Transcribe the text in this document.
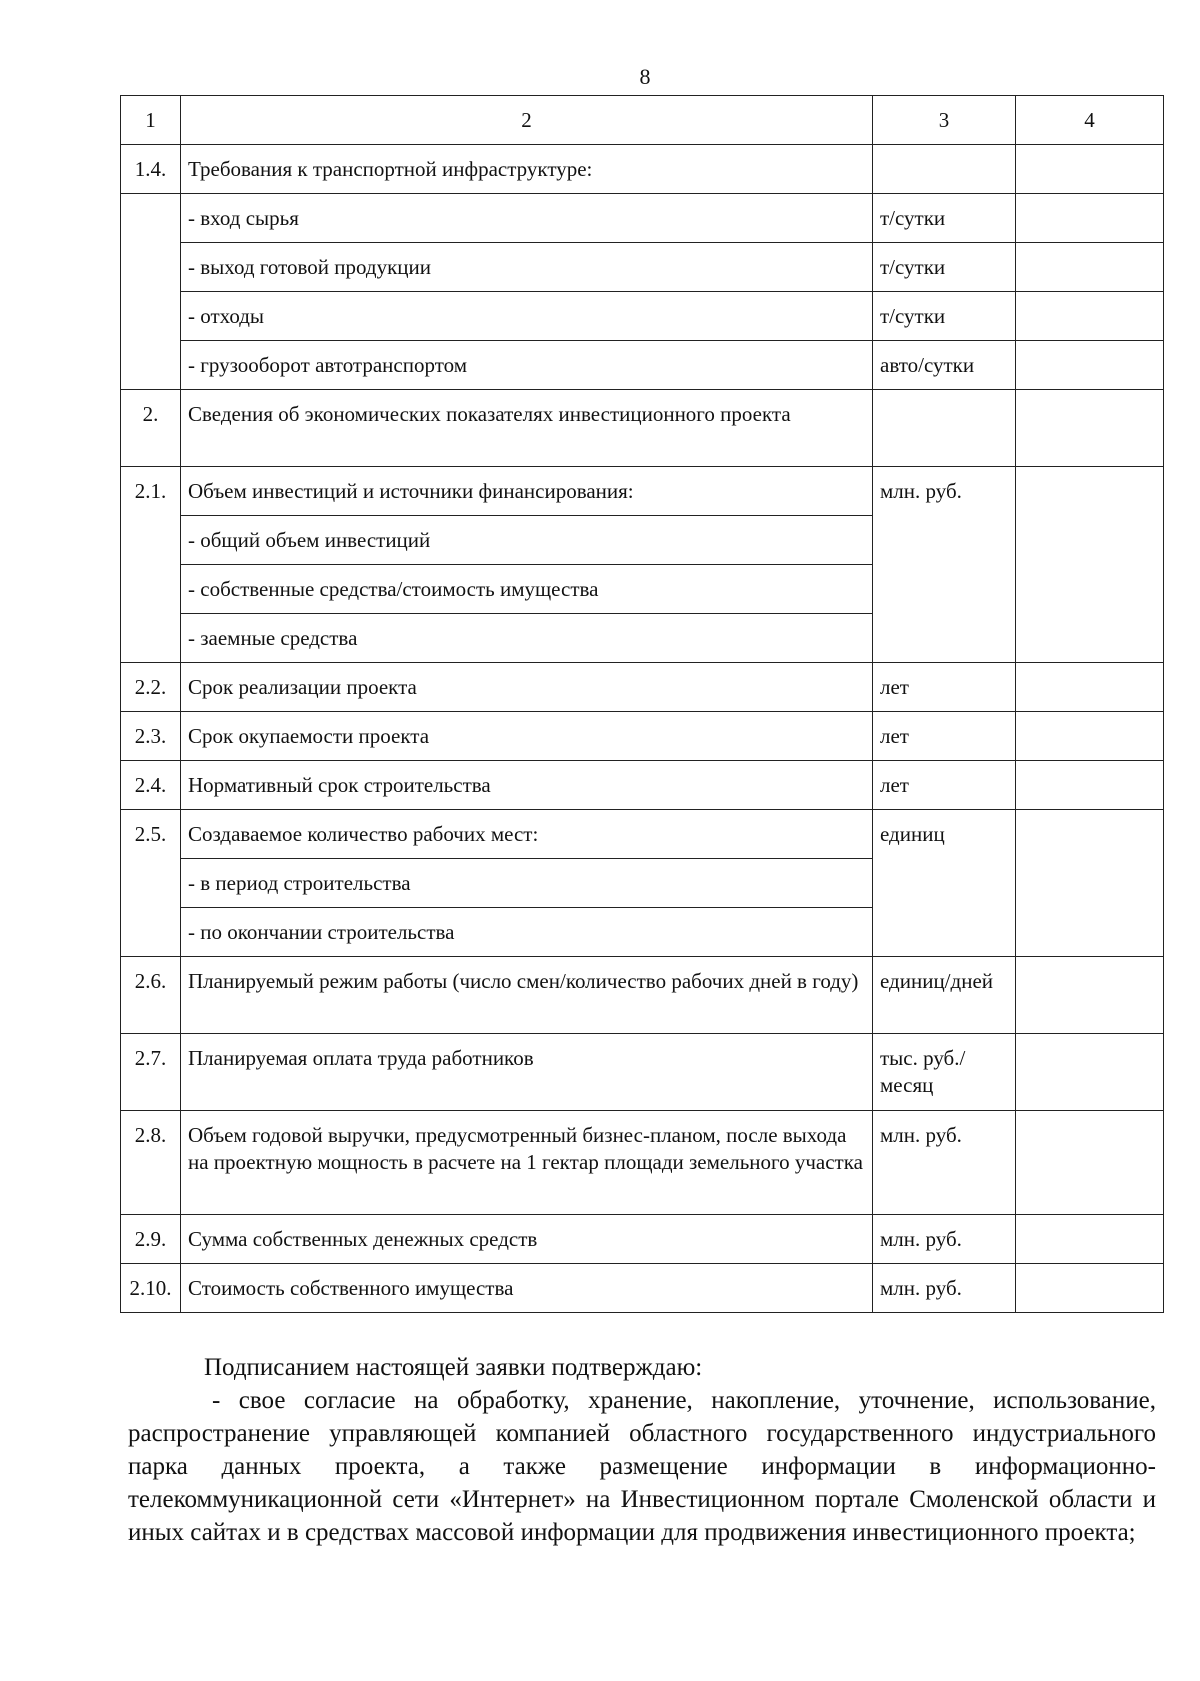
8
1	2	3	4
1.4.	Требования к транспортной инфраструктуре:		
	- вход сырья	т/сутки	
	- выход готовой продукции	т/сутки	
	- отходы	т/сутки	
	- грузооборот автотранспортом	авто/сутки	
2.	Сведения об экономических показателях инвестиционного проекта		
2.1.	Объем инвестиций и источники финансирования:	млн. руб.	
	- общий объем инвестиций		
	- собственные средства/стоимость имущества		
	- заемные средства		
2.2.	Срок реализации проекта	лет	
2.3.	Срок окупаемости проекта	лет	
2.4.	Нормативный срок строительства	лет	
2.5.	Создаваемое количество рабочих мест:	единиц	
	- в период строительства		
	- по окончании строительства		
2.6.	Планируемый режим работы (число смен/количество рабочих дней в году)	единиц/дней	
2.7.	Планируемая оплата труда работников	тыс. руб./месяц	
2.8.	Объем годовой выручки, предусмотренный бизнес-планом, после выхода на проектную мощность в расчете на 1 гектар площади земельного участка	млн. руб.	
2.9.	Сумма собственных денежных средств	млн. руб.	
2.10.	Стоимость собственного имущества	млн. руб.	

Подписанием настоящей заявки подтверждаю:

- свое согласие на обработку, хранение, накопление, уточнение, использование, распространение управляющей компанией областного государственного индустриального парка данных проекта, а также размещение информации в информационно-телекоммуникационной сети «Интернет» на Инвестиционном портале Смоленской области и иных сайтах и в средствах массовой информации для продвижения инвестиционного проекта;
